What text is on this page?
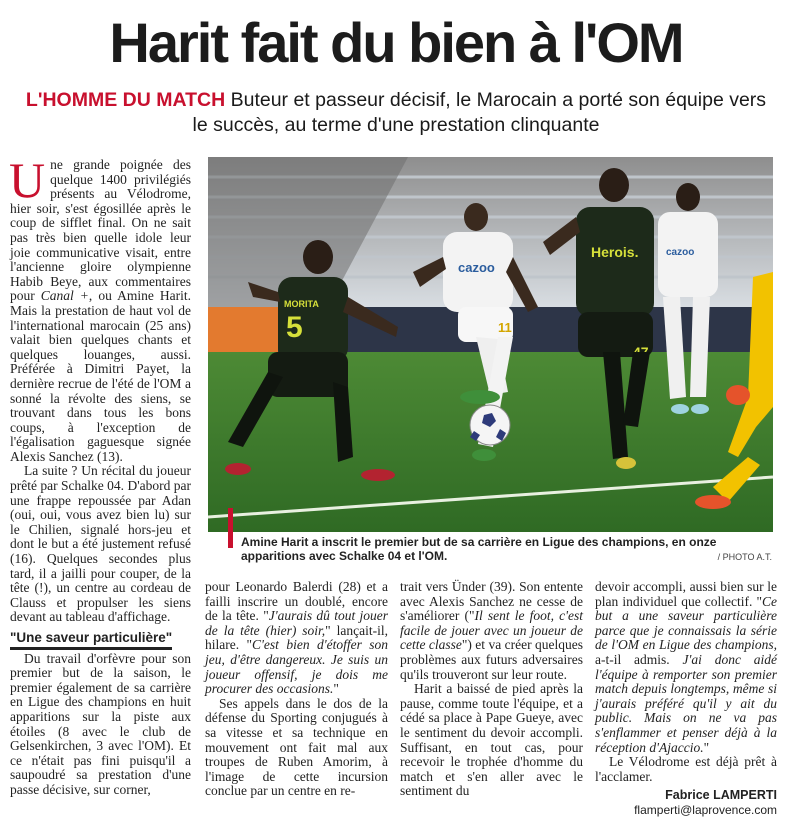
Harit fait du bien à l'OM
L'HOMME DU MATCH Buteur et passeur décisif, le Marocain a porté son équipe vers le succès, au terme d'une prestation clinquante

Une grande poignée des quelque 1400 privilégiés présents au Vélodrome, hier soir, s'est égosillée après le coup de sifflet final. On ne sait pas très bien quelle idole leur joie communicative visait, entre l'ancienne gloire olympienne Habib Beye, aux commentaires pour Canal +, ou Amine Harit. Mais la prestation de haut vol de l'international marocain (25 ans) valait bien quelques chants et quelques louanges, aussi. Préférée à Dimitri Payet, la dernière recrue de l'été de l'OM a sonné la révolte des siens, se trouvant dans tous les bons coups, à l'exception de l'égalisation gaguesque signée Alexis Sanchez (13).

La suite ? Un récital du joueur prêté par Schalke 04. D'abord par une frappe repoussée par Adan (oui, oui, vous avez bien lu) sur le Chilien, signalé hors-jeu et dont le but a été justement refusé (16). Quelques secondes plus tard, il a jailli pour couper, de la tête (!), un centre au cordeau de Clauss et propulser les siens devant au tableau d'affichage.

"Une saveur particulière"

Du travail d'orfèvre pour son premier but de la saison, le premier également de sa carrière en Ligue des champions en huit apparitions sur la piste aux étoiles (8 avec le club de Gelsenkirchen, 3 avec l'OM). Et ce n'était pas fini puisqu'il a saupoudré sa prestation d'une passe décisive, sur corner,

5
MORITA
cazoo
11
Herois.	cazoo
Amine Harit a inscrit le premier but de sa carrière en Ligue des champions, en onze apparitions avec Schalke 04 et l'OM.	/ PHOTO A.T.

pour Leonardo Balerdi (28) et a failli inscrire un doublé, encore de la tête. "J'aurais dû tout jouer de la tête (hier) soir," lançait-il, hilare. "C'est bien d'étoffer son jeu, d'être dangereux. Je suis un joueur offensif, je dois me procurer des occasions."

Ses appels dans le dos de la défense du Sporting conjugués à sa vitesse et sa technique en mouvement ont fait mal aux troupes de Ruben Amorim, à l'image de cette incursion conclue par un centre en re-

trait vers Ünder (39). Son entente avec Alexis Sanchez ne cesse de s'améliorer ("Il sent le foot, c'est facile de jouer avec un joueur de cette classe") et va créer quelques problèmes aux futurs adversaires qu'ils trouveront sur leur route.

Harit a baissé de pied après la pause, comme toute l'équipe, et a cédé sa place à Pape Gueye, avec le sentiment du devoir accompli. Suffisant, en tout cas, pour recevoir le trophée d'homme du match et s'en aller avec le sentiment du

devoir accompli, aussi bien sur le plan individuel que collectif. "Ce but a une saveur particulière parce que je connaissais la série de l'OM en Ligue des champions, a-t-il admis. J'ai donc aidé l'équipe à remporter son premier match depuis longtemps, même si j'aurais préféré qu'il y ait du public. Mais on ne va pas s'enflammer et penser déjà à la réception d'Ajaccio."

Le Vélodrome est déjà prêt à l'acclamer.

Fabrice LAMPERTI

flamperti@laprovence.com
